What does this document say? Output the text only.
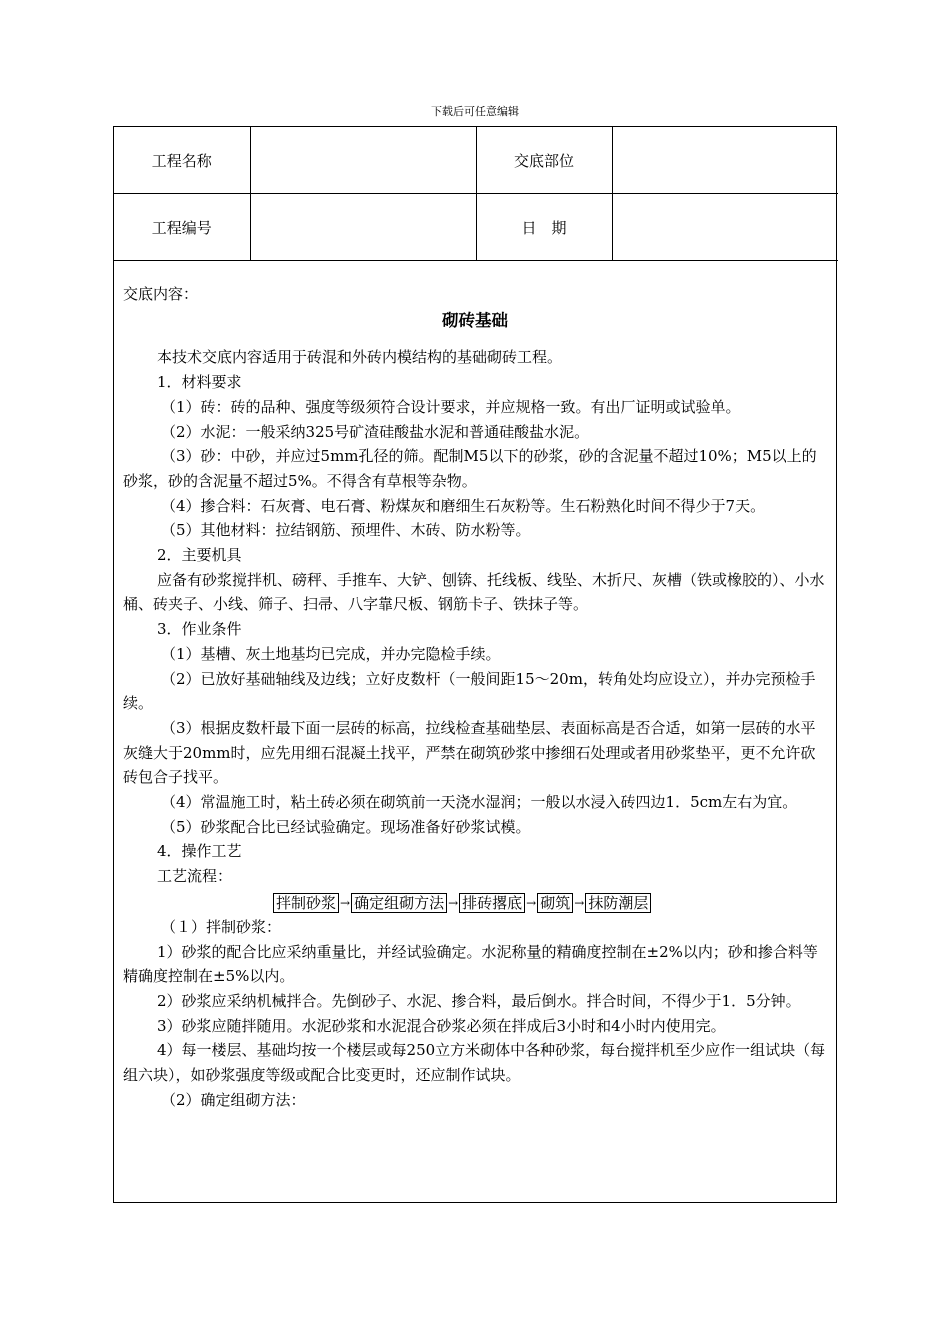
下载后可任意编辑
工程名称		交底部位	
工程编号		日　期	

交底内容：

砌砖基础

本技术交底内容适用于砖混和外砖内模结构的基础砌砖工程。

1．材料要求

（1）砖：砖的品种、强度等级须符合设计要求，并应规格一致。有出厂证明或试验单。

（2）水泥：一般采纳325号矿渣硅酸盐水泥和普通硅酸盐水泥。

（3）砂：中砂，并应过5mm孔径的筛。配制M5以下的砂浆，砂的含泥量不超过10%；M5以上的砂浆，砂的含泥量不超过5%。不得含有草根等杂物。

（4）掺合料：石灰膏、电石膏、粉煤灰和磨细生石灰粉等。生石粉熟化时间不得少于7天。

（5）其他材料：拉结钢筋、预埋件、木砖、防水粉等。

2．主要机具

应备有砂浆搅拌机、磅秤、手推车、大铲、刨锛、托线板、线坠、木折尺、灰槽（铁或橡胶的）、小水桶、砖夹子、小线、筛子、扫帚、八字靠尺板、钢筋卡子、铁抹子等。

3．作业条件

（1）基槽、灰土地基均已完成，并办完隐检手续。

（2）已放好基础轴线及边线；立好皮数杆（一般间距15～20m，转角处均应设立），并办完预检手续。

（3）根据皮数杆最下面一层砖的标高，拉线检查基础垫层、表面标高是否合适，如第一层砖的水平灰缝大于20mm时，应先用细石混凝土找平，严禁在砌筑砂浆中掺细石处理或者用砂浆垫平，更不允许砍砖包合子找平。

（4）常温施工时，粘土砖必须在砌筑前一天浇水湿润；一般以水浸入砖四边1．5cm左右为宜。

（5）砂浆配合比已经试验确定。现场准备好砂浆试模。

4．操作工艺

工艺流程：

拌制砂浆 → 确定组砌方法 → 排砖撂底 → 砌筑 → 抹防潮层

（１）拌制砂浆：

1）砂浆的配合比应采纳重量比，并经试验确定。水泥称量的精确度控制在±2%以内；砂和掺合料等精确度控制在±5%以内。

2）砂浆应采纳机械拌合。先倒砂子、水泥、掺合料，最后倒水。拌合时间，不得少于1．5分钟。

3）砂浆应随拌随用。水泥砂浆和水泥混合砂浆必须在拌成后3小时和4小时内使用完。

4）每一楼层、基础均按一个楼层或每250立方米砌体中各种砂浆，每台搅拌机至少应作一组试块（每组六块），如砂浆强度等级或配合比变更时，还应制作试块。

（2）确定组砌方法：
